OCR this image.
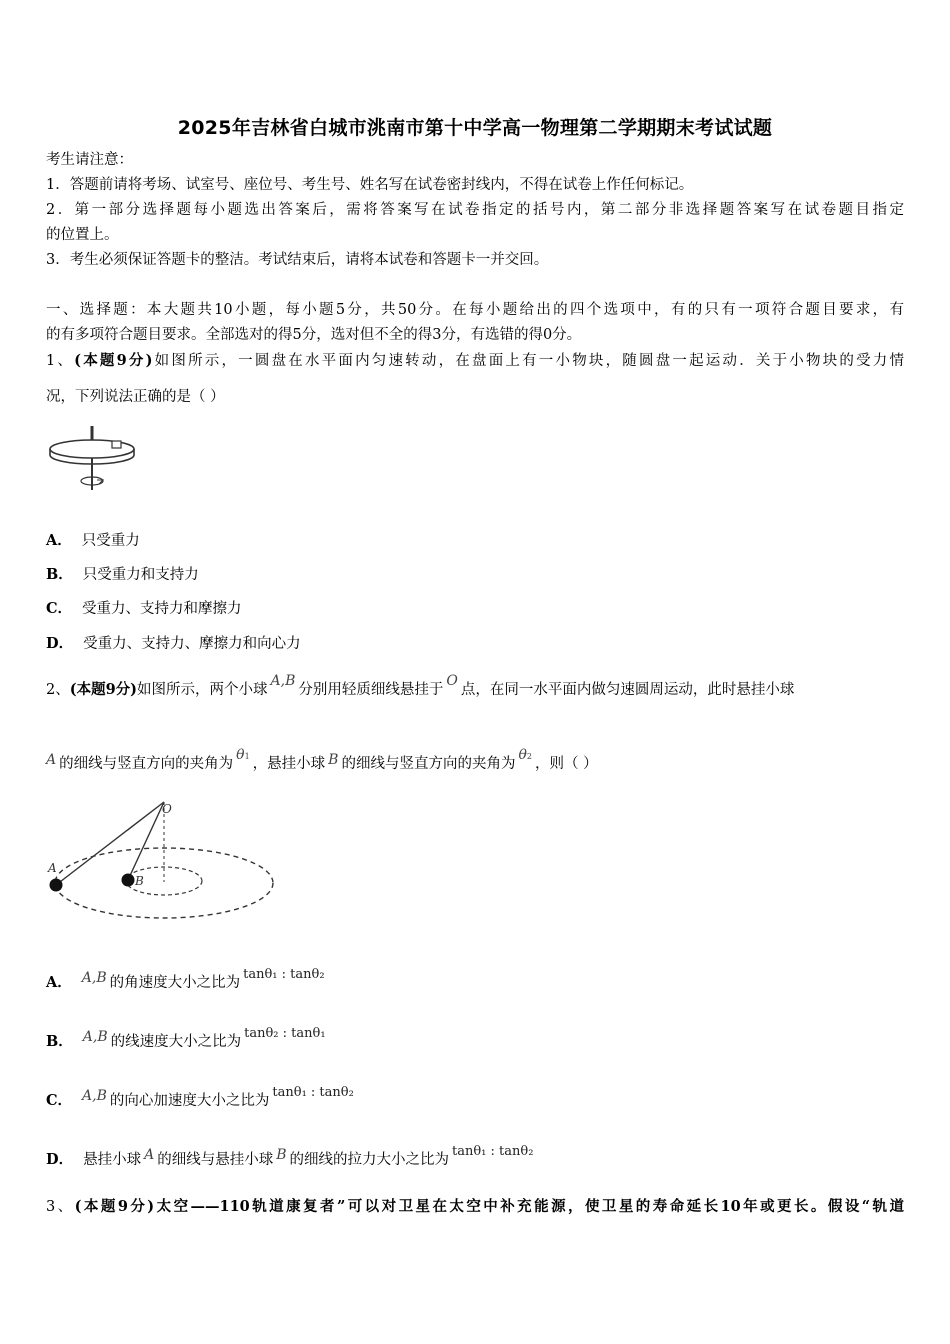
2025年吉林省白城市洮南市第十中学高一物理第二学期期末考试试题
考生请注意：
1．答题前请将考场、试室号、座位号、考生号、姓名写在试卷密封线内，不得在试卷上作任何标记。
2．第一部分选择题每小题选出答案后，需将答案写在试卷指定的括号内，第二部分非选择题答案写在试卷题目指定
的位置上。
3．考生必须保证答题卡的整洁。考试结束后，请将本试卷和答题卡一并交回。
一、选择题：本大题共10小题，每小题5分，共50分。在每小题给出的四个选项中，有的只有一项符合题目要求，有
的有多项符合题目要求。全部选对的得5分，选对但不全的得3分，有选错的得0分。
1、(本题9分)如图所示，一圆盘在水平面内匀速转动，在盘面上有一小物块，随圆盘一起运动．关于小物块的受力情
况，下列说法正确的是（ ）
A． 只受重力
B． 只受重力和支持力
C． 受重力、支持力和摩擦力
D． 受重力、支持力、摩擦力和向心力
2、(本题9分)如图所示，两个小球A,B分别用轻质细线悬挂于O点，在同一水平面内做匀速圆周运动，此时悬挂小球
A 的细线与竖直方向的夹角为θ1 ，悬挂小球 B 的细线与竖直方向的夹角为θ2 ，则（ ）
O
A
B
A． A,B 的角速度大小之比为tanθ₁ : tanθ₂
B． A,B 的线速度大小之比为tanθ₂ : tanθ₁
C． A,B 的向心加速度大小之比为tanθ₁ : tanθ₂
D． 悬挂小球 A 的细线与悬挂小球 B 的细线的拉力大小之比为tanθ₁ : tanθ₂
3、(本题9分)太空——110轨道康复者”可以对卫星在太空中补充能源，使卫星的寿命延长10年或更长。假设“轨道
